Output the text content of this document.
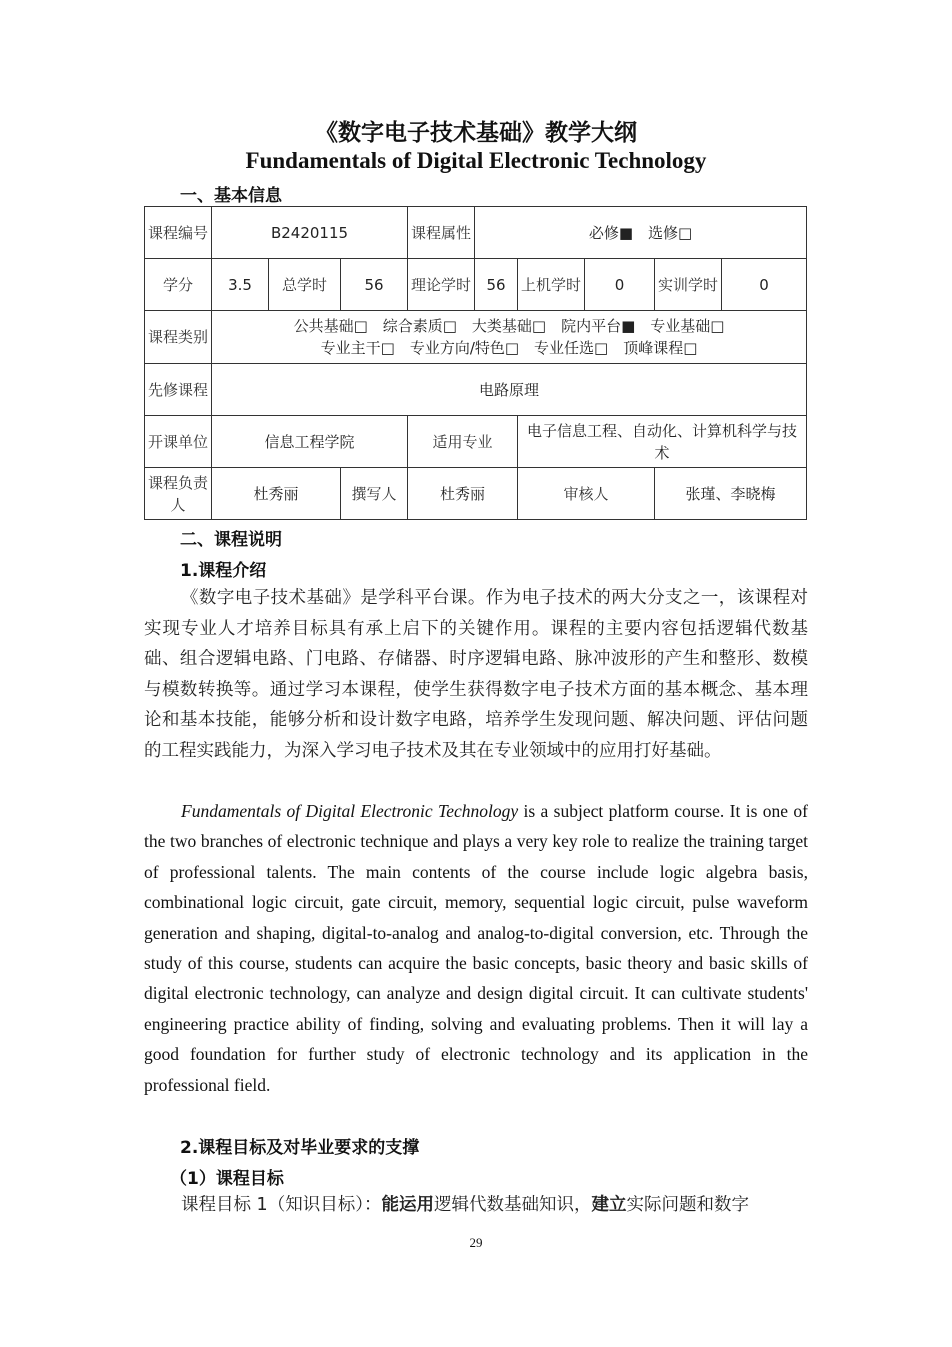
《数字电子技术基础》教学大纲
Fundamentals of Digital Electronic Technology
一、基本信息
课程编号	B2420115			课程属性	必修■　选修□				
学分	3.5	总学时	56	理论学时	56	上机学时	0	实训学时	0
课程类别	公共基础□　综合素质□　大类基础□　院内平台■　专业基础□
专业主干□　专业方向/特色□　专业任选□　顶峰课程□								

先修课程	电路原理								
开课单位	信息工程学院			适用专业		电子信息工程、自动化、计算机科学与技术			
课程负责人	杜秀丽		撰写人	杜秀丽		审核人		张瑾、李晓梅	
二、课程说明
1.课程介绍

《数字电子技术基础》是学科平台课。作为电子技术的两大分支之一，该课程对实现专业人才培养目标具有承上启下的关键作用。课程的主要内容包括逻辑代数基础、组合逻辑电路、门电路、存储器、时序逻辑电路、脉冲波形的产生和整形、数模与模数转换等。通过学习本课程，使学生获得数字电子技术方面的基本概念、基本理论和基本技能，能够分析和设计数字电路，培养学生发现问题、解决问题、评估问题的工程实践能力，为深入学习电子技术及其在专业领域中的应用打好基础。

Fundamentals of Digital Electronic Technology is a subject platform course. It is one of the two branches of electronic technique and plays a very key role to realize the training target of professional talents. The main contents of the course include logic algebra basis, combinational logic circuit, gate circuit, memory, sequential logic circuit, pulse waveform generation and shaping, digital-to-analog and analog-to-digital conversion, etc. Through the study of this course, students can acquire the basic concepts, basic theory and basic skills of digital electronic technology, can analyze and design digital circuit. It can cultivate students' engineering practice ability of finding, solving and evaluating problems. Then it will lay a good foundation for further study of electronic technology and its application in the professional field.

2.课程目标及对毕业要求的支撑
（1）课程目标

课程目标 1（知识目标）：能运用逻辑代数基础知识，建立实际问题和数字

29
